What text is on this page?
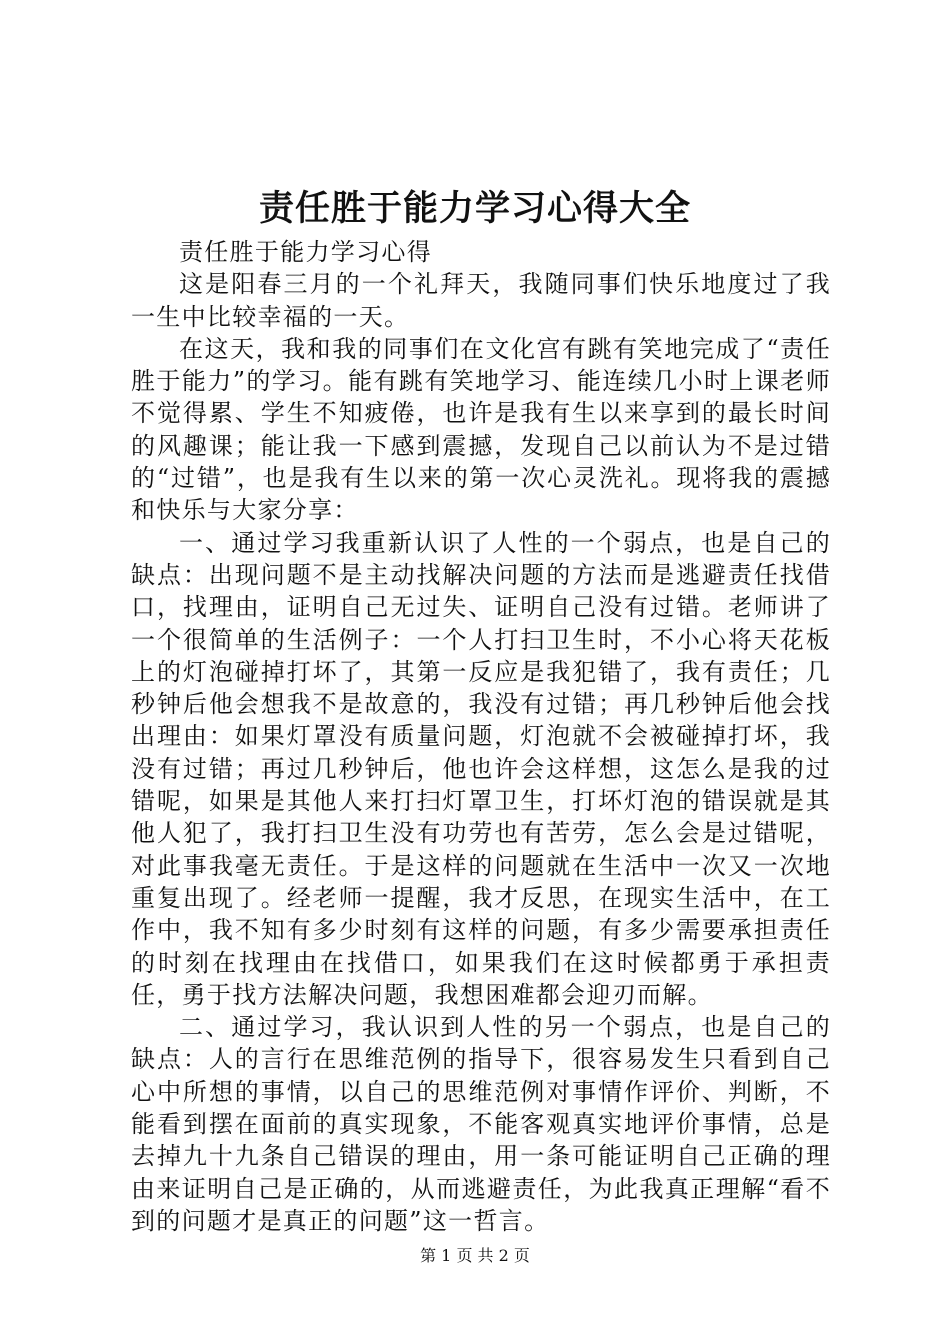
责任胜于能力学习心得大全

责任胜于能力学习心得

这是阳春三月的一个礼拜天，我随同事们快乐地度过了我一生中比较幸福的一天。

在这天，我和我的同事们在文化宫有跳有笑地完成了“责任胜于能力”的学习。能有跳有笑地学习、能连续几小时上课老师不觉得累、学生不知疲倦，也许是我有生以来享到的最长时间的风趣课；能让我一下感到震撼，发现自己以前认为不是过错的“过错”，也是我有生以来的第一次心灵洗礼。现将我的震撼和快乐与大家分享：

一、通过学习我重新认识了人性的一个弱点，也是自己的缺点：出现问题不是主动找解决问题的方法而是逃避责任找借口，找理由，证明自己无过失、证明自己没有过错。老师讲了一个很简单的生活例子：一个人打扫卫生时，不小心将天花板上的灯泡碰掉打坏了，其第一反应是我犯错了，我有责任；几秒钟后他会想我不是故意的，我没有过错；再几秒钟后他会找出理由：如果灯罩没有质量问题，灯泡就不会被碰掉打坏，我没有过错；再过几秒钟后，他也许会这样想，这怎么是我的过错呢，如果是其他人来打扫灯罩卫生，打坏灯泡的错误就是其他人犯了，我打扫卫生没有功劳也有苦劳，怎么会是过错呢，对此事我毫无责任。于是这样的问题就在生活中一次又一次地重复出现了。经老师一提醒，我才反思，在现实生活中，在工作中，我不知有多少时刻有这样的问题，有多少需要承担责任的时刻在找理由在找借口，如果我们在这时候都勇于承担责任，勇于找方法解决问题，我想困难都会迎刃而解。

二、通过学习，我认识到人性的另一个弱点，也是自己的缺点：人的言行在思维范例的指导下，很容易发生只看到自己心中所想的事情，以自己的思维范例对事情作评价、判断，不能看到摆在面前的真实现象，不能客观真实地评价事情，总是去掉九十九条自己错误的理由，用一条可能证明自己正确的理由来证明自己是正确的，从而逃避责任，为此我真正理解“看不到的问题才是真正的问题”这一哲言。

第 1 页 共 2 页
